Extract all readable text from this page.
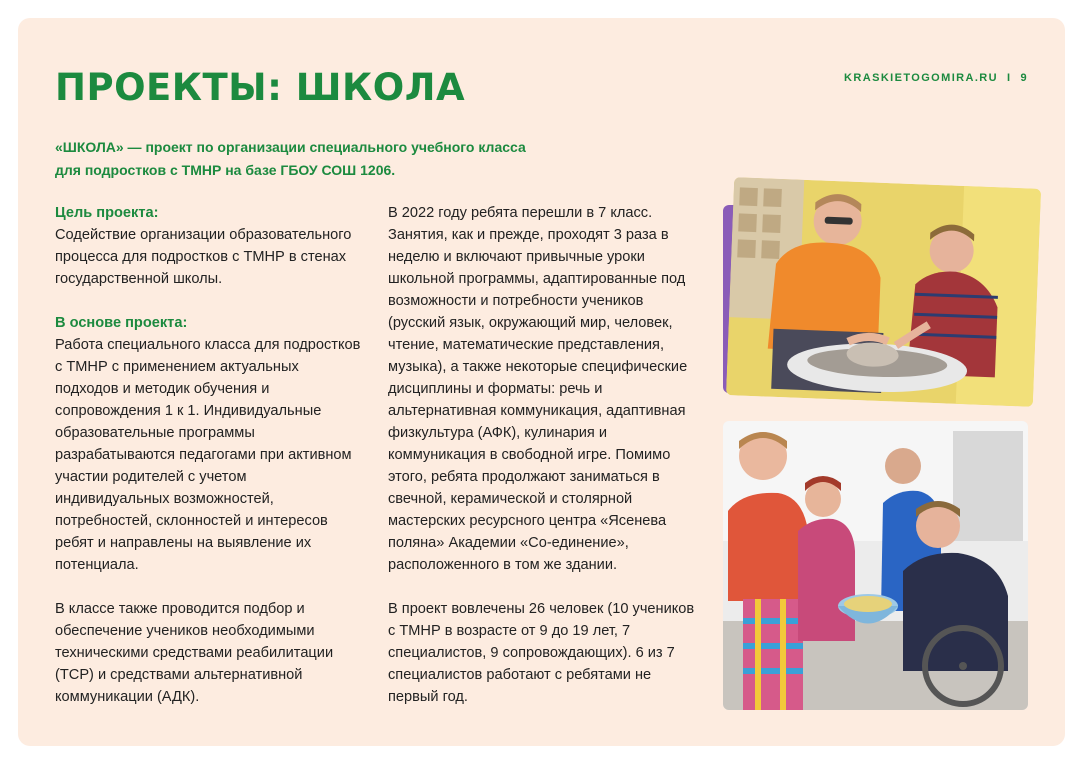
ПРОЕКТЫ: ШКОЛА	KRASKIETOGOMIRA.RU I 9
«ШКОЛА» — проект по организации специального учебного класса
для подростков с ТМНР на базе ГБОУ СОШ 1206.

Цель проекта:
Содействие организации образовательного процесса для подростков с ТМНР в стенах государственной школы.

В основе проекта:
Работа специального класса для подростков с ТМНР с применением актуальных подходов и методик обучения и сопровождения 1 к 1. Индивидуальные образовательные программы разрабатываются педагогами при активном участии родителей с учетом индивидуальных возможностей, потребностей, склонностей и интересов ребят и направлены на выявление их потенциала.

В классе также проводится подбор и обеспечение учеников необходимыми техническими средствами реабилитации (ТСР) и средствами альтернативной коммуникации (АДК).

В 2022 году ребята перешли в 7 класс. Занятия, как и прежде, проходят 3 раза в неделю и включают привычные уроки школьной программы, адаптированные под возможности и потребности учеников (русский язык, окружающий мир, человек, чтение, математические представления, музыка), а также некоторые специфические дисциплины и форматы: речь и альтернативная коммуникация, адаптивная физкультура (АФК), кулинария и коммуникация в свободной игре. Помимо этого, ребята продолжают заниматься в свечной, керамической и столярной мастерских ресурсного центра «Ясенева поляна» Академии «Со-единение», расположенного в том же здании.

В проект вовлечены 26 человек (10 учеников с ТМНР в возрасте от 9 до 19 лет, 7 специалистов, 9 сопровождающих). 6 из 7 специалистов работают с ребятами не первый год.
